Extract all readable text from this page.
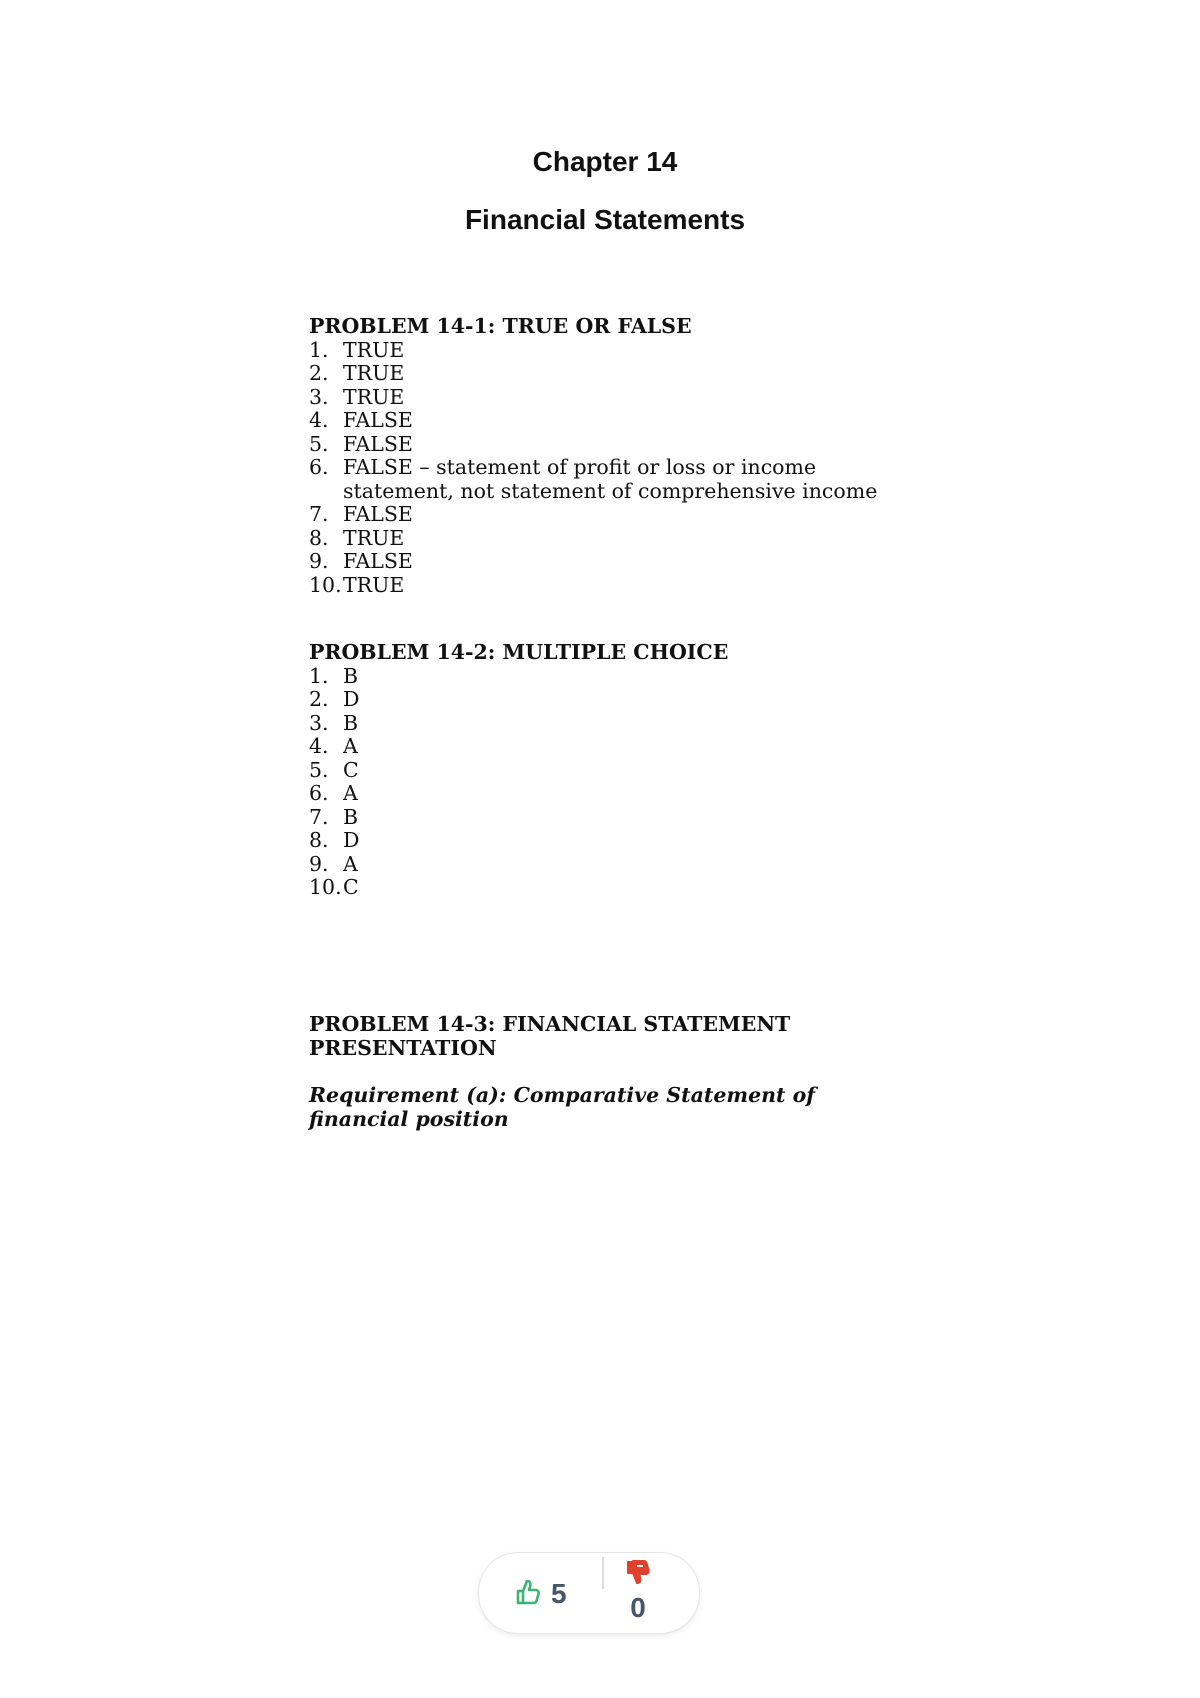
Chapter 14
Financial Statements

PROBLEM 14-1: TRUE OR FALSE

1. TRUE
2. TRUE
3. TRUE
4. FALSE
5. FALSE
6. FALSE – statement of profit or loss or income statement, not statement of comprehensive income
7. FALSE
8. TRUE
9. FALSE
10. TRUE

PROBLEM 14-2: MULTIPLE CHOICE

1. B
2. D
3. B
4. A
5. C
6. A
7. B
8. D
9. A
10. C

PROBLEM 14-3: FINANCIAL STATEMENT PRESENTATION

Requirement (a): Comparative Statement of financial position

5 0
